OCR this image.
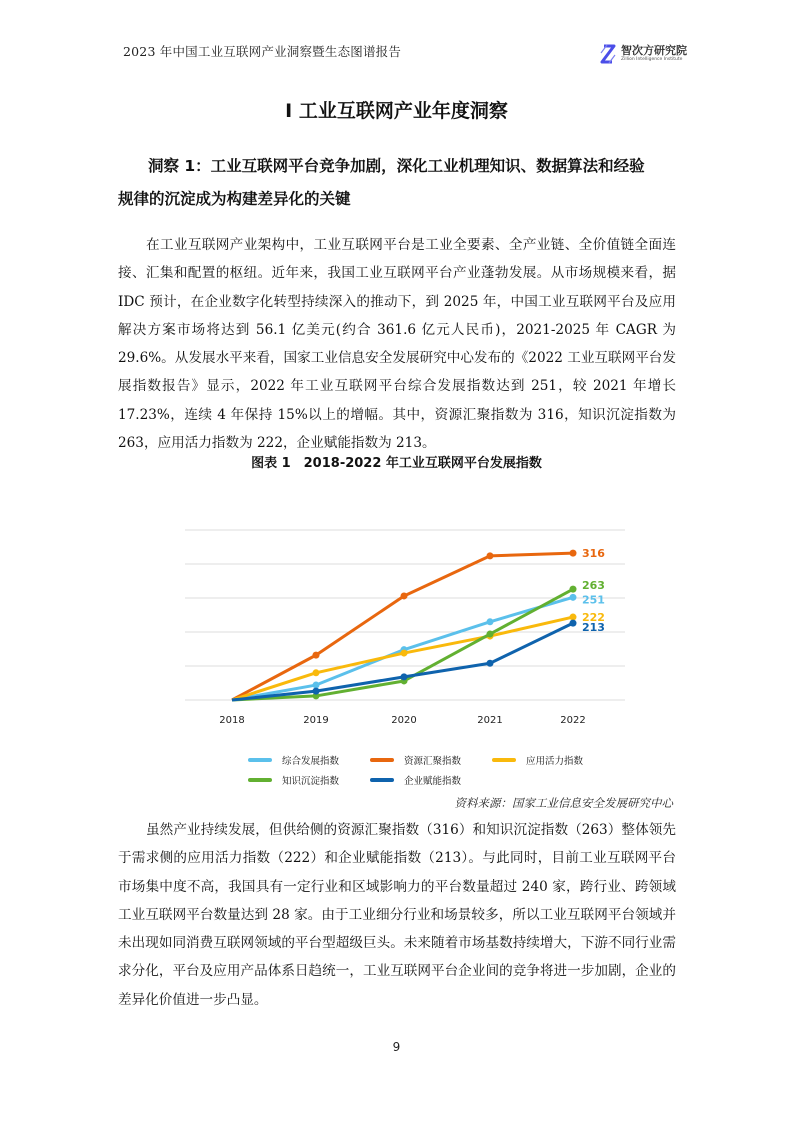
2023 年中国工业互联网产业洞察暨生态图谱报告	智次方研究院
Zillion Intelligence Institute
I 工业互联网产业年度洞察
洞察 1：工业互联网平台竞争加剧，深化工业机理知识、数据算法和经验
规律的沉淀成为构建差异化的关键

在工业互联网产业架构中，工业互联网平台是工业全要素、全产业链、全价值链全面连接、汇集和配置的枢纽。近年来，我国工业互联网平台产业蓬勃发展。从市场规模来看，据 IDC 预计，在企业数字化转型持续深入的推动下，到 2025 年，中国工业互联网平台及应用解决方案市场将达到 56.1 亿美元(约合 361.6 亿元人民币)，2021-2025 年 CAGR 为 29.6%。从发展水平来看，国家工业信息安全发展研究中心发布的《2022 工业互联网平台发展指数报告》显示，2022 年工业互联网平台综合发展指数达到 251，较 2021 年增长 17.23%，连续 4 年保持 15%以上的增幅。其中，资源汇聚指数为 316，知识沉淀指数为 263，应用活力指数为 222，企业赋能指数为 213。

图表 1　2018-2022 年工业互联网平台发展指数
2018	2019	2020	2021	2022
251
316
222
263
213
综合发展指数	资源汇聚指数	应用活力指数
知识沉淀指数	企业赋能指数
资料来源：国家工业信息安全发展研究中心

虽然产业持续发展，但供给侧的资源汇聚指数（316）和知识沉淀指数（263）整体领先于需求侧的应用活力指数（222）和企业赋能指数（213）。与此同时，目前工业互联网平台市场集中度不高，我国具有一定行业和区域影响力的平台数量超过 240 家，跨行业、跨领域工业互联网平台数量达到 28 家。由于工业细分行业和场景较多，所以工业互联网平台领域并未出现如同消费互联网领域的平台型超级巨头。未来随着市场基数持续增大，下游不同行业需求分化，平台及应用产品体系日趋统一，工业互联网平台企业间的竞争将进一步加剧，企业的差异化价值进一步凸显。

9
